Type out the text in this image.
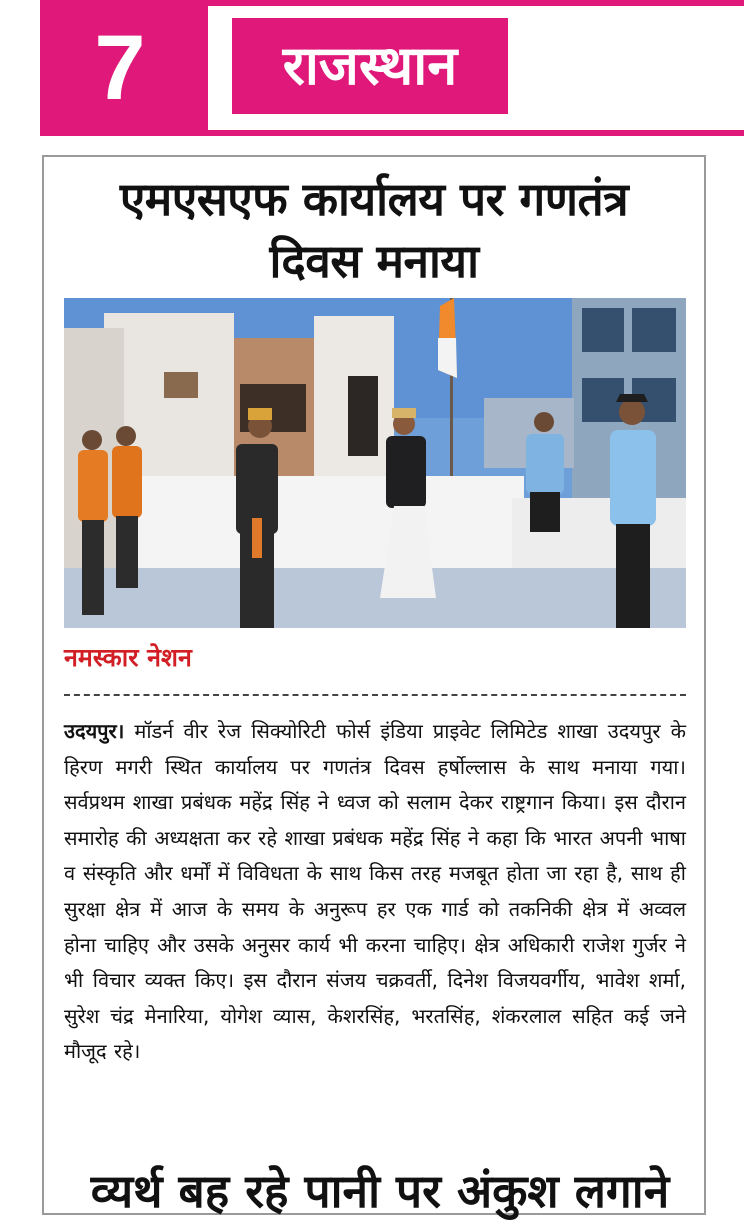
7	राजस्थान
एमएसएफ कार्यालय पर गणतंत्र
दिवस मनाया
नमस्कार नेशन
उदयपुर। मॉडर्न वीर रेज सिक्योरिटी फोर्स इंडिया प्राइवेट लिमिटेड शाखा उदयपुर के हिरण मगरी स्थित कार्यालय पर गणतंत्र दिवस हर्षोल्लास के साथ मनाया गया। सर्वप्रथम शाखा प्रबंधक महेंद्र सिंह ने ध्वज को सलाम देकर राष्ट्रगान किया। इस दौरान समारोह की अध्यक्षता कर रहे शाखा प्रबंधक महेंद्र सिंह ने कहा कि भारत अपनी भाषा व संस्कृति और धर्मों में विविधता के साथ किस तरह मजबूत होता जा रहा है, साथ ही सुरक्षा क्षेत्र में आज के समय के अनुरूप हर एक गार्ड को तकनिकी क्षेत्र में अव्वल होना चाहिए और उसके अनुसर कार्य भी करना चाहिए। क्षेत्र अधिकारी राजेश गुर्जर ने भी विचार व्यक्त किए। इस दौरान संजय चक्रवर्ती, दिनेश विजयवर्गीय, भावेश शर्मा, सुरेश चंद्र मेनारिया, योगेश व्यास, केशरसिंह, भरतसिंह, शंकरलाल सहित कई जने मौजूद रहे।
व्यर्थ बह रहे पानी पर अंकुश लगाने
